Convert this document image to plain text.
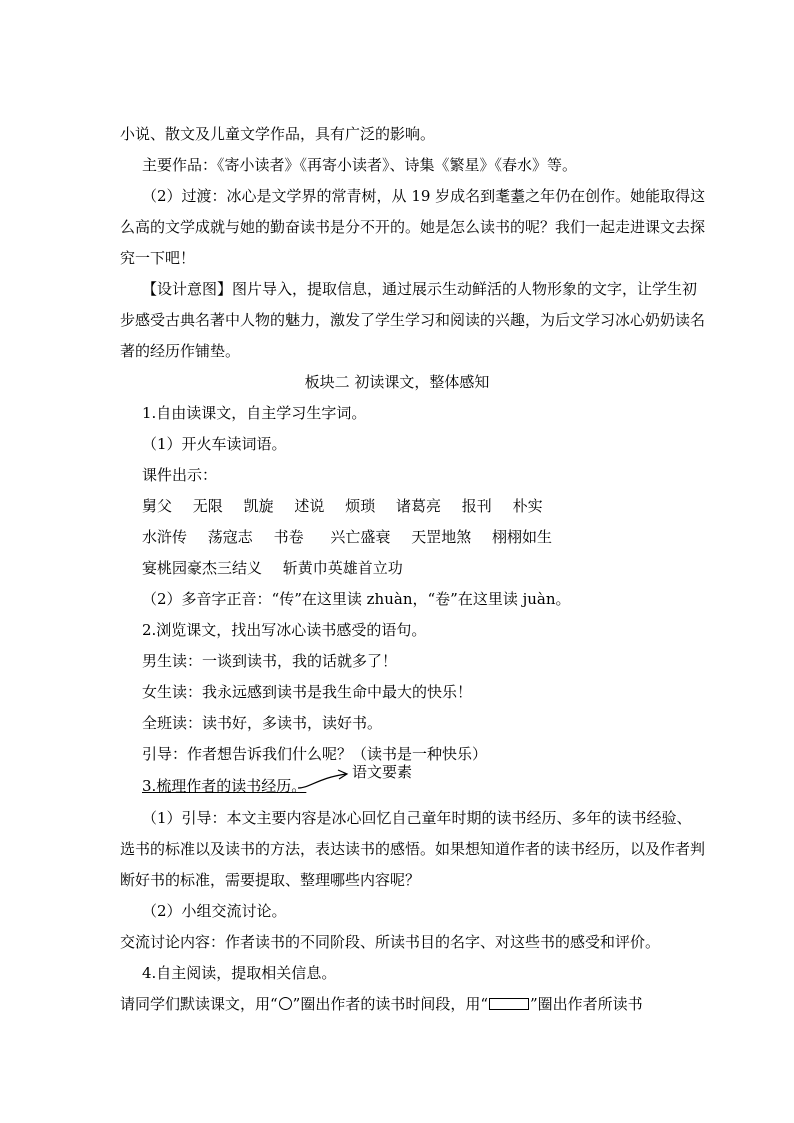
小说、散文及儿童文学作品，具有广泛的影响。
主要作品：《寄小读者》《再寄小读者》、诗集《繁星》《春水》等。
（2）过渡：冰心是文学界的常青树，从 19 岁成名到耄耋之年仍在创作。她能取得这
么高的文学成就与她的勤奋读书是分不开的。她是怎么读书的呢？我们一起走进课文去探
究一下吧！
【设计意图】图片导入，提取信息，通过展示生动鲜活的人物形象的文字，让学生初
步感受古典名著中人物的魅力，激发了学生学习和阅读的兴趣，为后文学习冰心奶奶读名
著的经历作铺垫。
板块二 初读课文，整体感知
1.自由读课文，自主学习生字词。
（1）开火车读词语。
课件出示：
舅父 无限 凯旋 述说 烦琐 诸葛亮 报刊 朴实
水浒传 荡寇志 书卷 兴亡盛衰 天罡地煞 栩栩如生
宴桃园豪杰三结义 斩黄巾英雄首立功
（2）多音字正音：“传”在这里读 zhuàn，“卷”在这里读 juàn。
2.浏览课文，找出写冰心读书感受的语句。
男生读：一谈到读书，我的话就多了！
女生读：我永远感到读书是我生命中最大的快乐！
全班读：读书好，多读书，读好书。
引导：作者想告诉我们什么呢？（读书是一种快乐）
3.梳理作者的读书经历。
语文要素
（1）引导：本文主要内容是冰心回忆自己童年时期的读书经历、多年的读书经验、
选书的标准以及读书的方法，表达读书的感悟。如果想知道作者的读书经历，以及作者判
断好书的标准，需要提取、整理哪些内容呢？
（2）小组交流讨论。
交流讨论内容：作者读书的不同阶段、所读书目的名字、对这些书的感受和评价。
4.自主阅读，提取相关信息。
请同学们默读课文，用“○”圈出作者的读书时间段，用“	”圈出作者所读书
